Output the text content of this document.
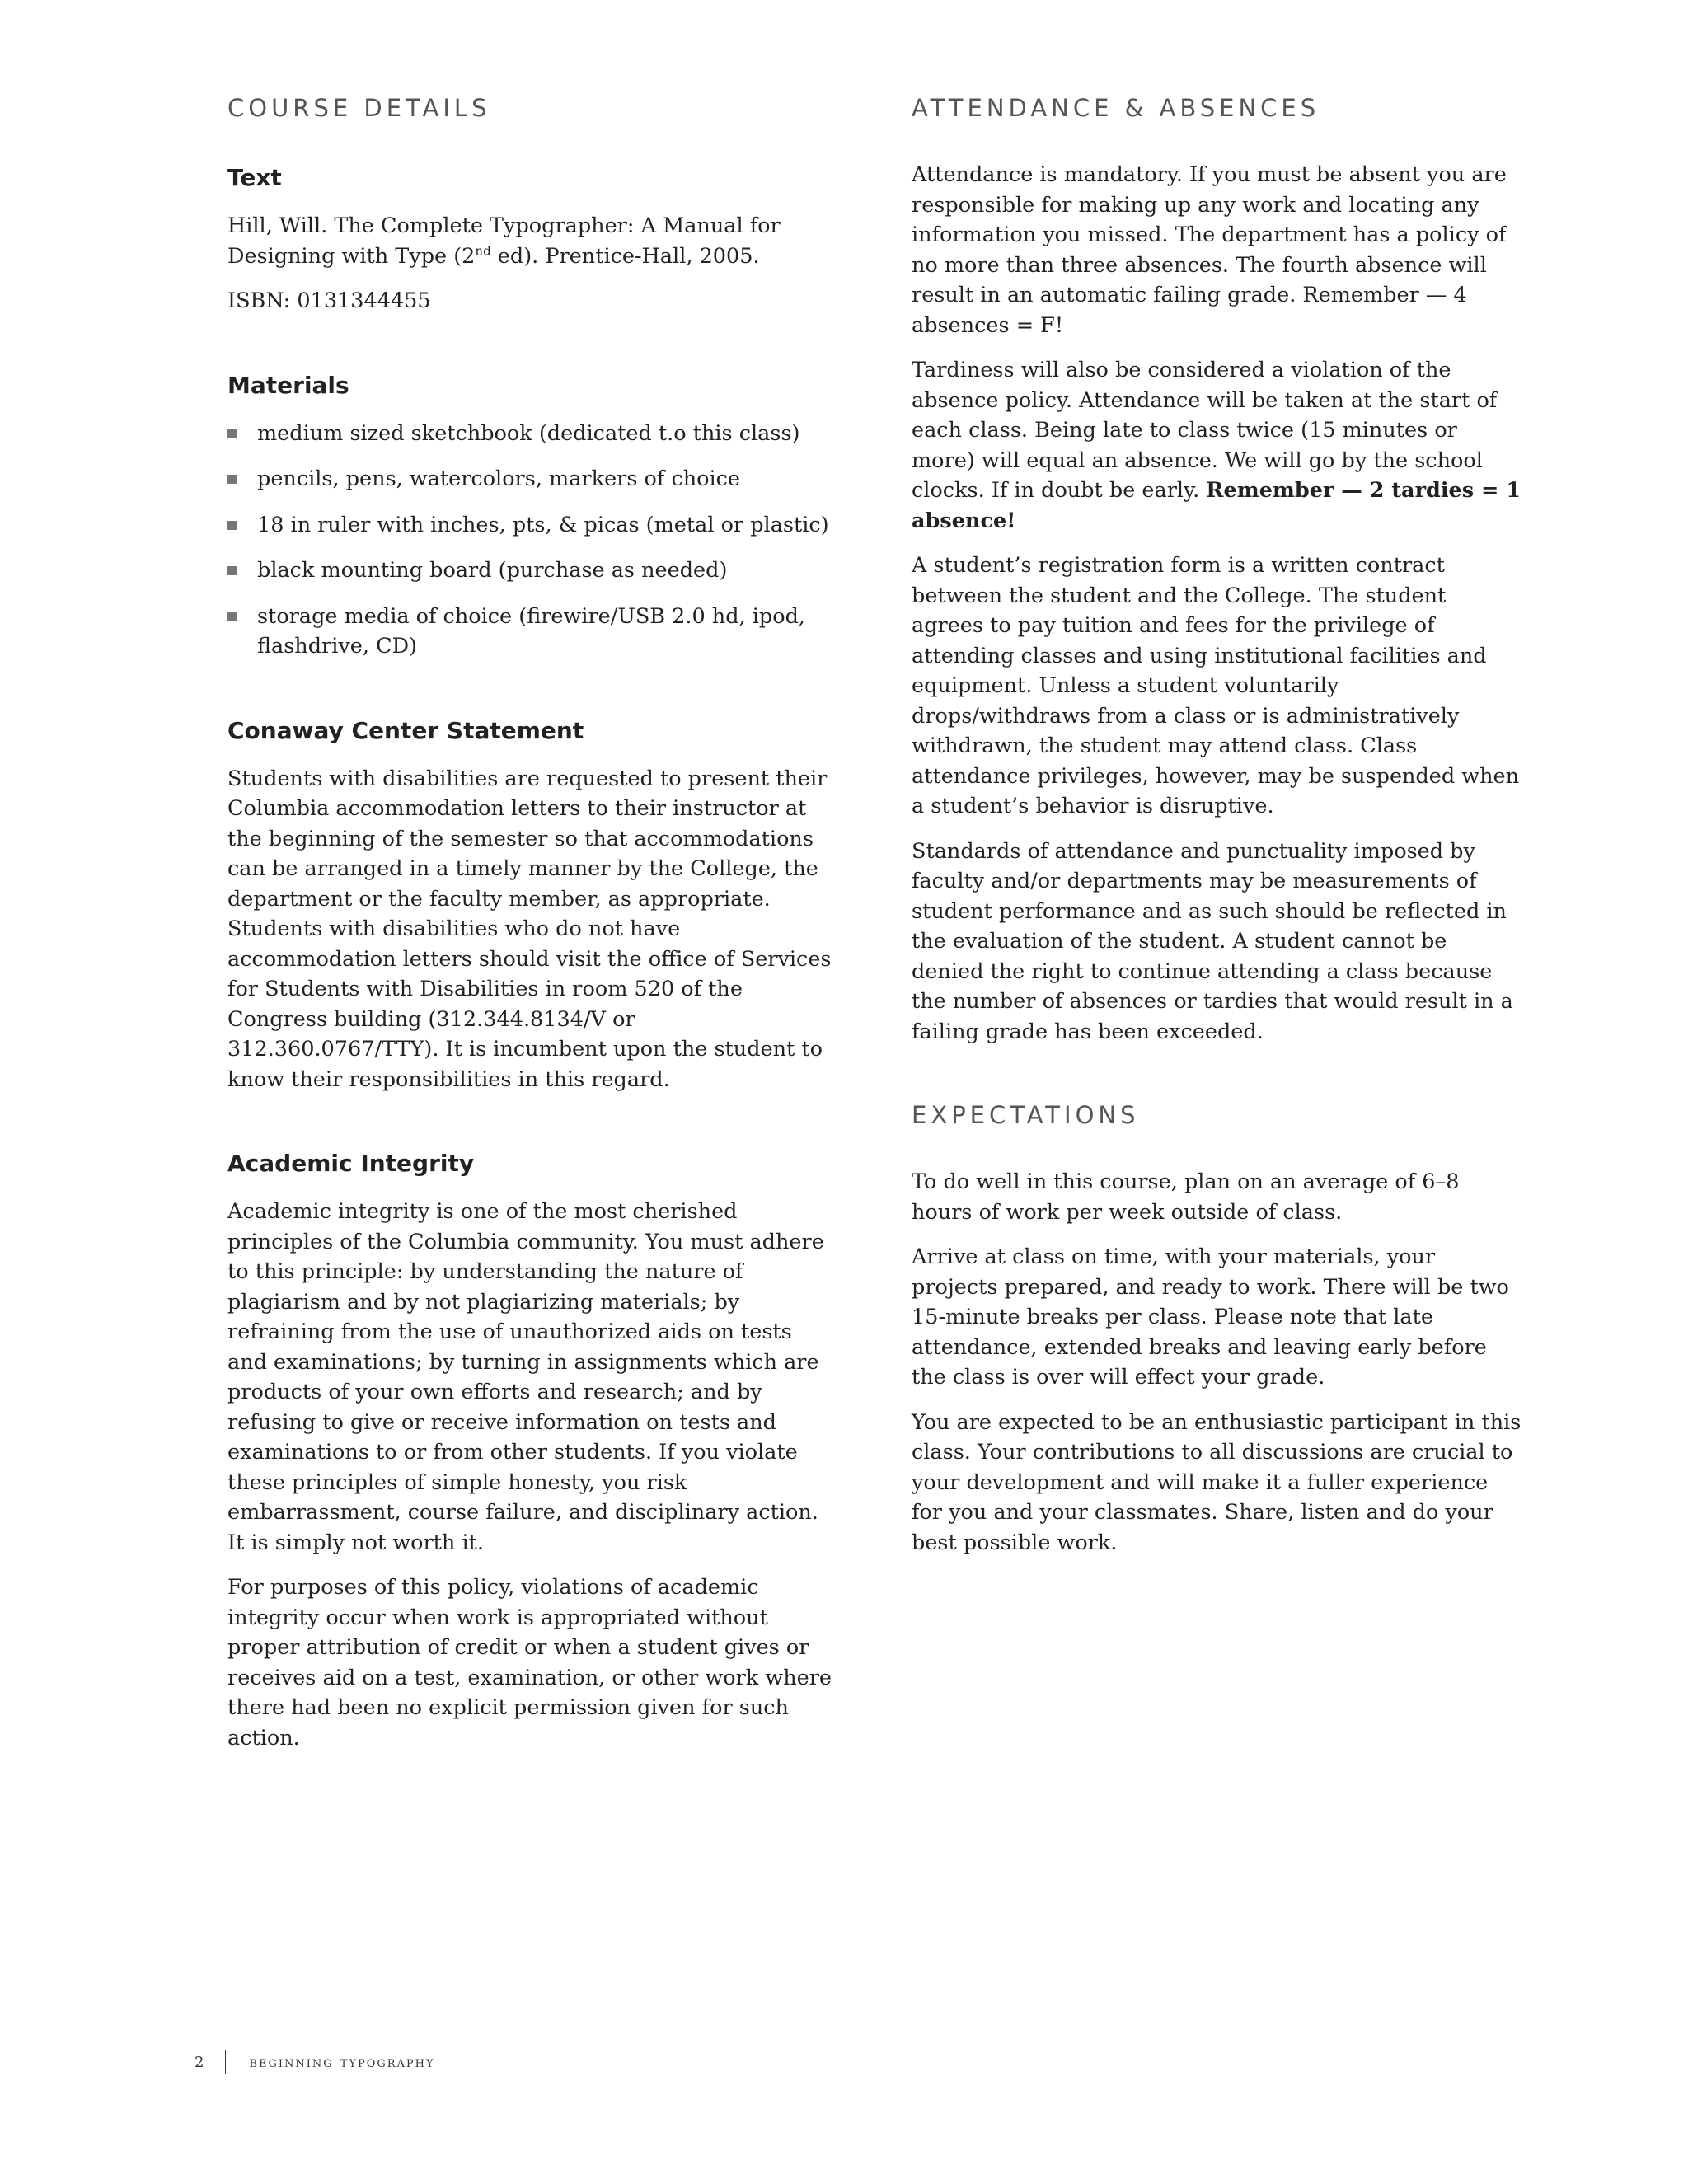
COURSE DETAILS
Text

Hill, Will. The Complete Typographer: A Manual for Designing with Type (2nd ed). Prentice-Hall, 2005.

ISBN: 0131344455

Materials
medium sized sketchbook (dedicated t.o this class)
pencils, pens, watercolors, markers of choice
18 in ruler with inches, pts, & picas (metal or plastic)
black mounting board (purchase as needed)
storage media of choice (firewire/USB 2.0 hd, ipod, flashdrive, CD)
Conaway Center Statement

Students with disabilities are requested to present their Columbia accommodation letters to their instructor at the beginning of the semester so that accommodations can be arranged in a timely manner by the College, the department or the faculty member, as appropriate. Students with disabilities who do not have accommodation letters should visit the office of Services for Students with Disabilities in room 520 of the Congress building (312.344.8134/V or 312.360.0767/TTY). It is incumbent upon the student to know their responsibilities in this regard.

Academic Integrity

Academic integrity is one of the most cherished principles of the Columbia community. You must adhere to this principle: by understanding the nature of plagiarism and by not plagiarizing materials; by refraining from the use of unauthorized aids on tests and examinations; by turning in assignments which are products of your own efforts and research; and by refusing to give or receive information on tests and examinations to or from other students. If you violate these principles of simple honesty, you risk embarrassment, course failure, and disciplinary action. It is simply not worth it.

For purposes of this policy, violations of academic integrity occur when work is appropriated without proper attribution of credit or when a student gives or receives aid on a test, examination, or other work where there had been no explicit permission given for such action.

ATTENDANCE & ABSENCES

Attendance is mandatory. If you must be absent you are responsible for making up any work and locating any information you missed. The department has a policy of no more than three absences. The fourth absence will result in an automatic failing grade. Remember — 4 absences = F!

Tardiness will also be considered a violation of the absence policy. Attendance will be taken at the start of each class. Being late to class twice (15 minutes or more) will equal an absence. We will go by the school clocks. If in doubt be early. Remember — 2 tardies = 1 absence!

A student’s registration form is a written contract between the student and the College. The student agrees to pay tuition and fees for the privilege of attending classes and using institutional facilities and equipment. Unless a student voluntarily drops/withdraws from a class or is administratively withdrawn, the student may attend class. Class attendance privileges, however, may be suspended when a student’s behavior is disruptive.

Standards of attendance and punctuality imposed by faculty and/or departments may be measurements of student performance and as such should be reflected in the evaluation of the student. A student cannot be denied the right to continue attending a class because the number of absences or tardies that would result in a failing grade has been exceeded.

EXPECTATIONS

To do well in this course, plan on an average of 6–8 hours of work per week outside of class.

Arrive at class on time, with your materials, your projects prepared, and ready to work. There will be two 15-minute breaks per class. Please note that late attendance, extended breaks and leaving early before the class is over will effect your grade.

You are expected to be an enthusiastic participant in this class. Your contributions to all discussions are crucial to your development and will make it a fuller experience for you and your classmates. Share, listen and do your best possible work.

2	beginning typography
